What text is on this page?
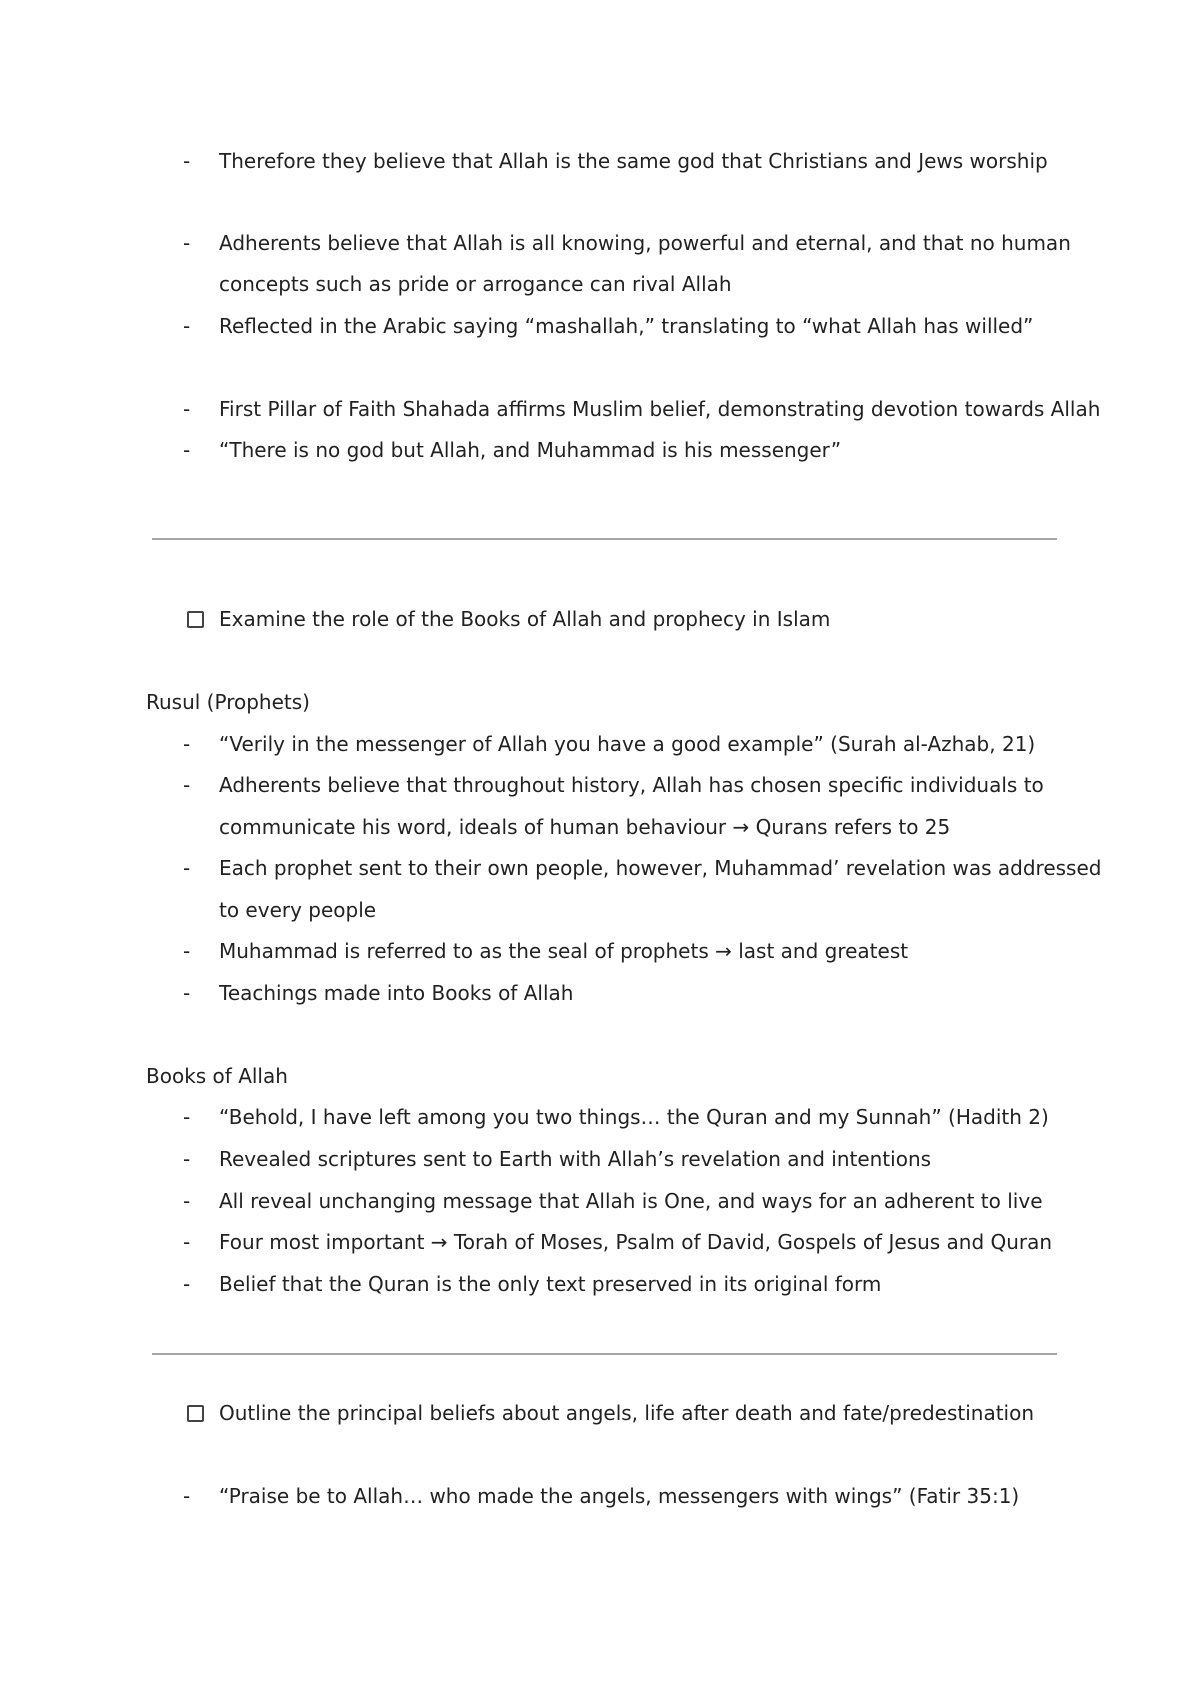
- Therefore they believe that Allah is the same god that Christians and Jews worship
- Adherents believe that Allah is all knowing, powerful and eternal, and that no human
concepts such as pride or arrogance can rival Allah
- Reflected in the Arabic saying “mashallah,” translating to “what Allah has willed”
- First Pillar of Faith Shahada affirms Muslim belief, demonstrating devotion towards Allah
- “There is no god but Allah, and Muhammad is his messenger”
Examine the role of the Books of Allah and prophecy in Islam
Rusul (Prophets)
- “Verily in the messenger of Allah you have a good example” (Surah al-Azhab, 21)
- Adherents believe that throughout history, Allah has chosen specific individuals to
communicate his word, ideals of human behaviour → Qurans refers to 25
- Each prophet sent to their own people, however, Muhammad’ revelation was addressed
to every people
- Muhammad is referred to as the seal of prophets → last and greatest
- Teachings made into Books of Allah
Books of Allah
- “Behold, I have left among you two things… the Quran and my Sunnah” (Hadith 2)
- Revealed scriptures sent to Earth with Allah’s revelation and intentions
- All reveal unchanging message that Allah is One, and ways for an adherent to live
- Four most important → Torah of Moses, Psalm of David, Gospels of Jesus and Quran
- Belief that the Quran is the only text preserved in its original form
Outline the principal beliefs about angels, life after death and fate/predestination
- “Praise be to Allah… who made the angels, messengers with wings” (Fatir 35:1)
